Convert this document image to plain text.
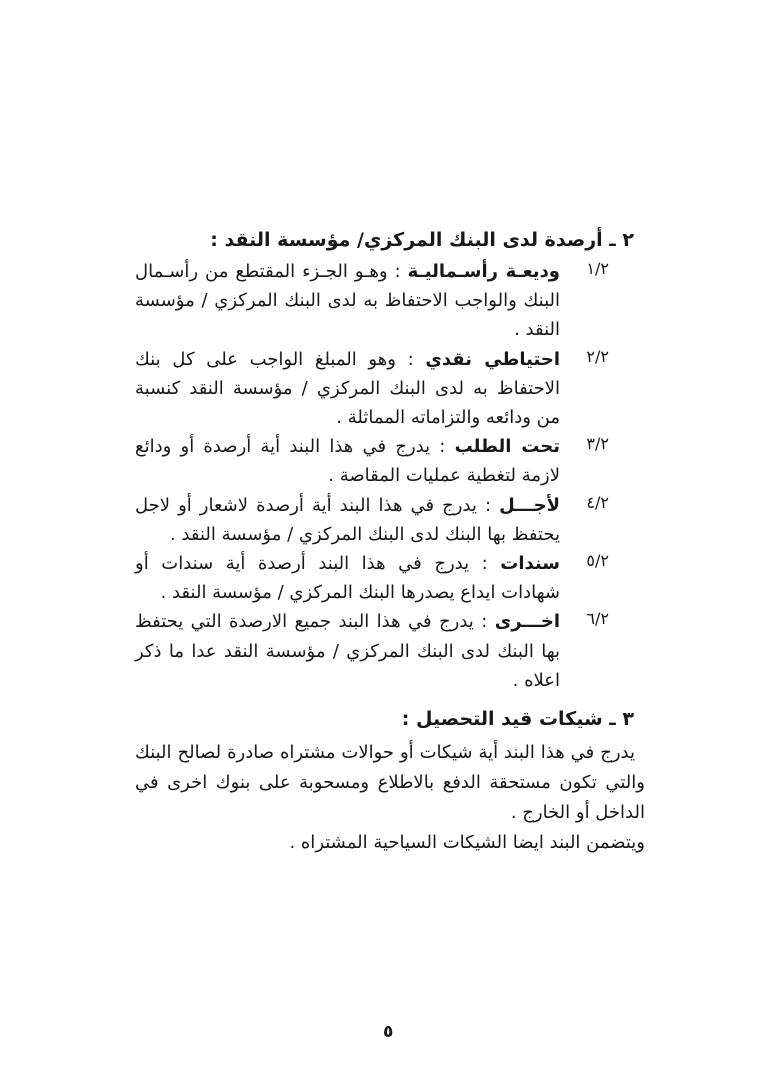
٢ ـ أرصدة لدى البنك المركزي/ مؤسسة النقد :

١/٢
وديعـة رأسـماليـة : وهـو الجـزء المقتطع من رأسـمال البنك والواجب الاحتفاظ به لدى البنك المركزي / مؤسسة النقد .
٢/٢
احتياطي نقدي : وهو المبلغ الواجب على كل بنك الاحتفاظ به لدى البنك المركزي / مؤسسة النقد كنسبة من ودائعه والتزاماته المماثلة .
٣/٢
تحت الطلب : يدرج في هذا البند أية أرصدة أو ودائع لازمة لتغطية عمليات المقاصة .
٤/٢
لأجـــل : يدرج في هذا البند أية أرصدة لاشعار أو لاجل يحتفظ بها البنك لدى البنك المركزي / مؤسسة النقد .
٥/٢
سندات : يدرج في هذا البند أرصدة أية سندات أو شهادات ايداع يصدرها البنك المركزي / مؤسسة النقد .
٦/٢
اخـــرى : يدرج في هذا البند جميع الارصدة التي يحتفظ بها البنك لدى البنك المركزي / مؤسسة النقد عدا ما ذكر اعلاه .

٣ ـ شيكات قيد التحصيل :

يدرج في هذا البند أية شيكات أو حوالات مشتراه صادرة لصالح البنك والتي تكون مستحقة الدفع بالاطلاع ومسحوبة على بنوك اخرى في الداخل أو الخارج .

ويتضمن البند ايضا الشيكات السياحية المشتراه .

٥
